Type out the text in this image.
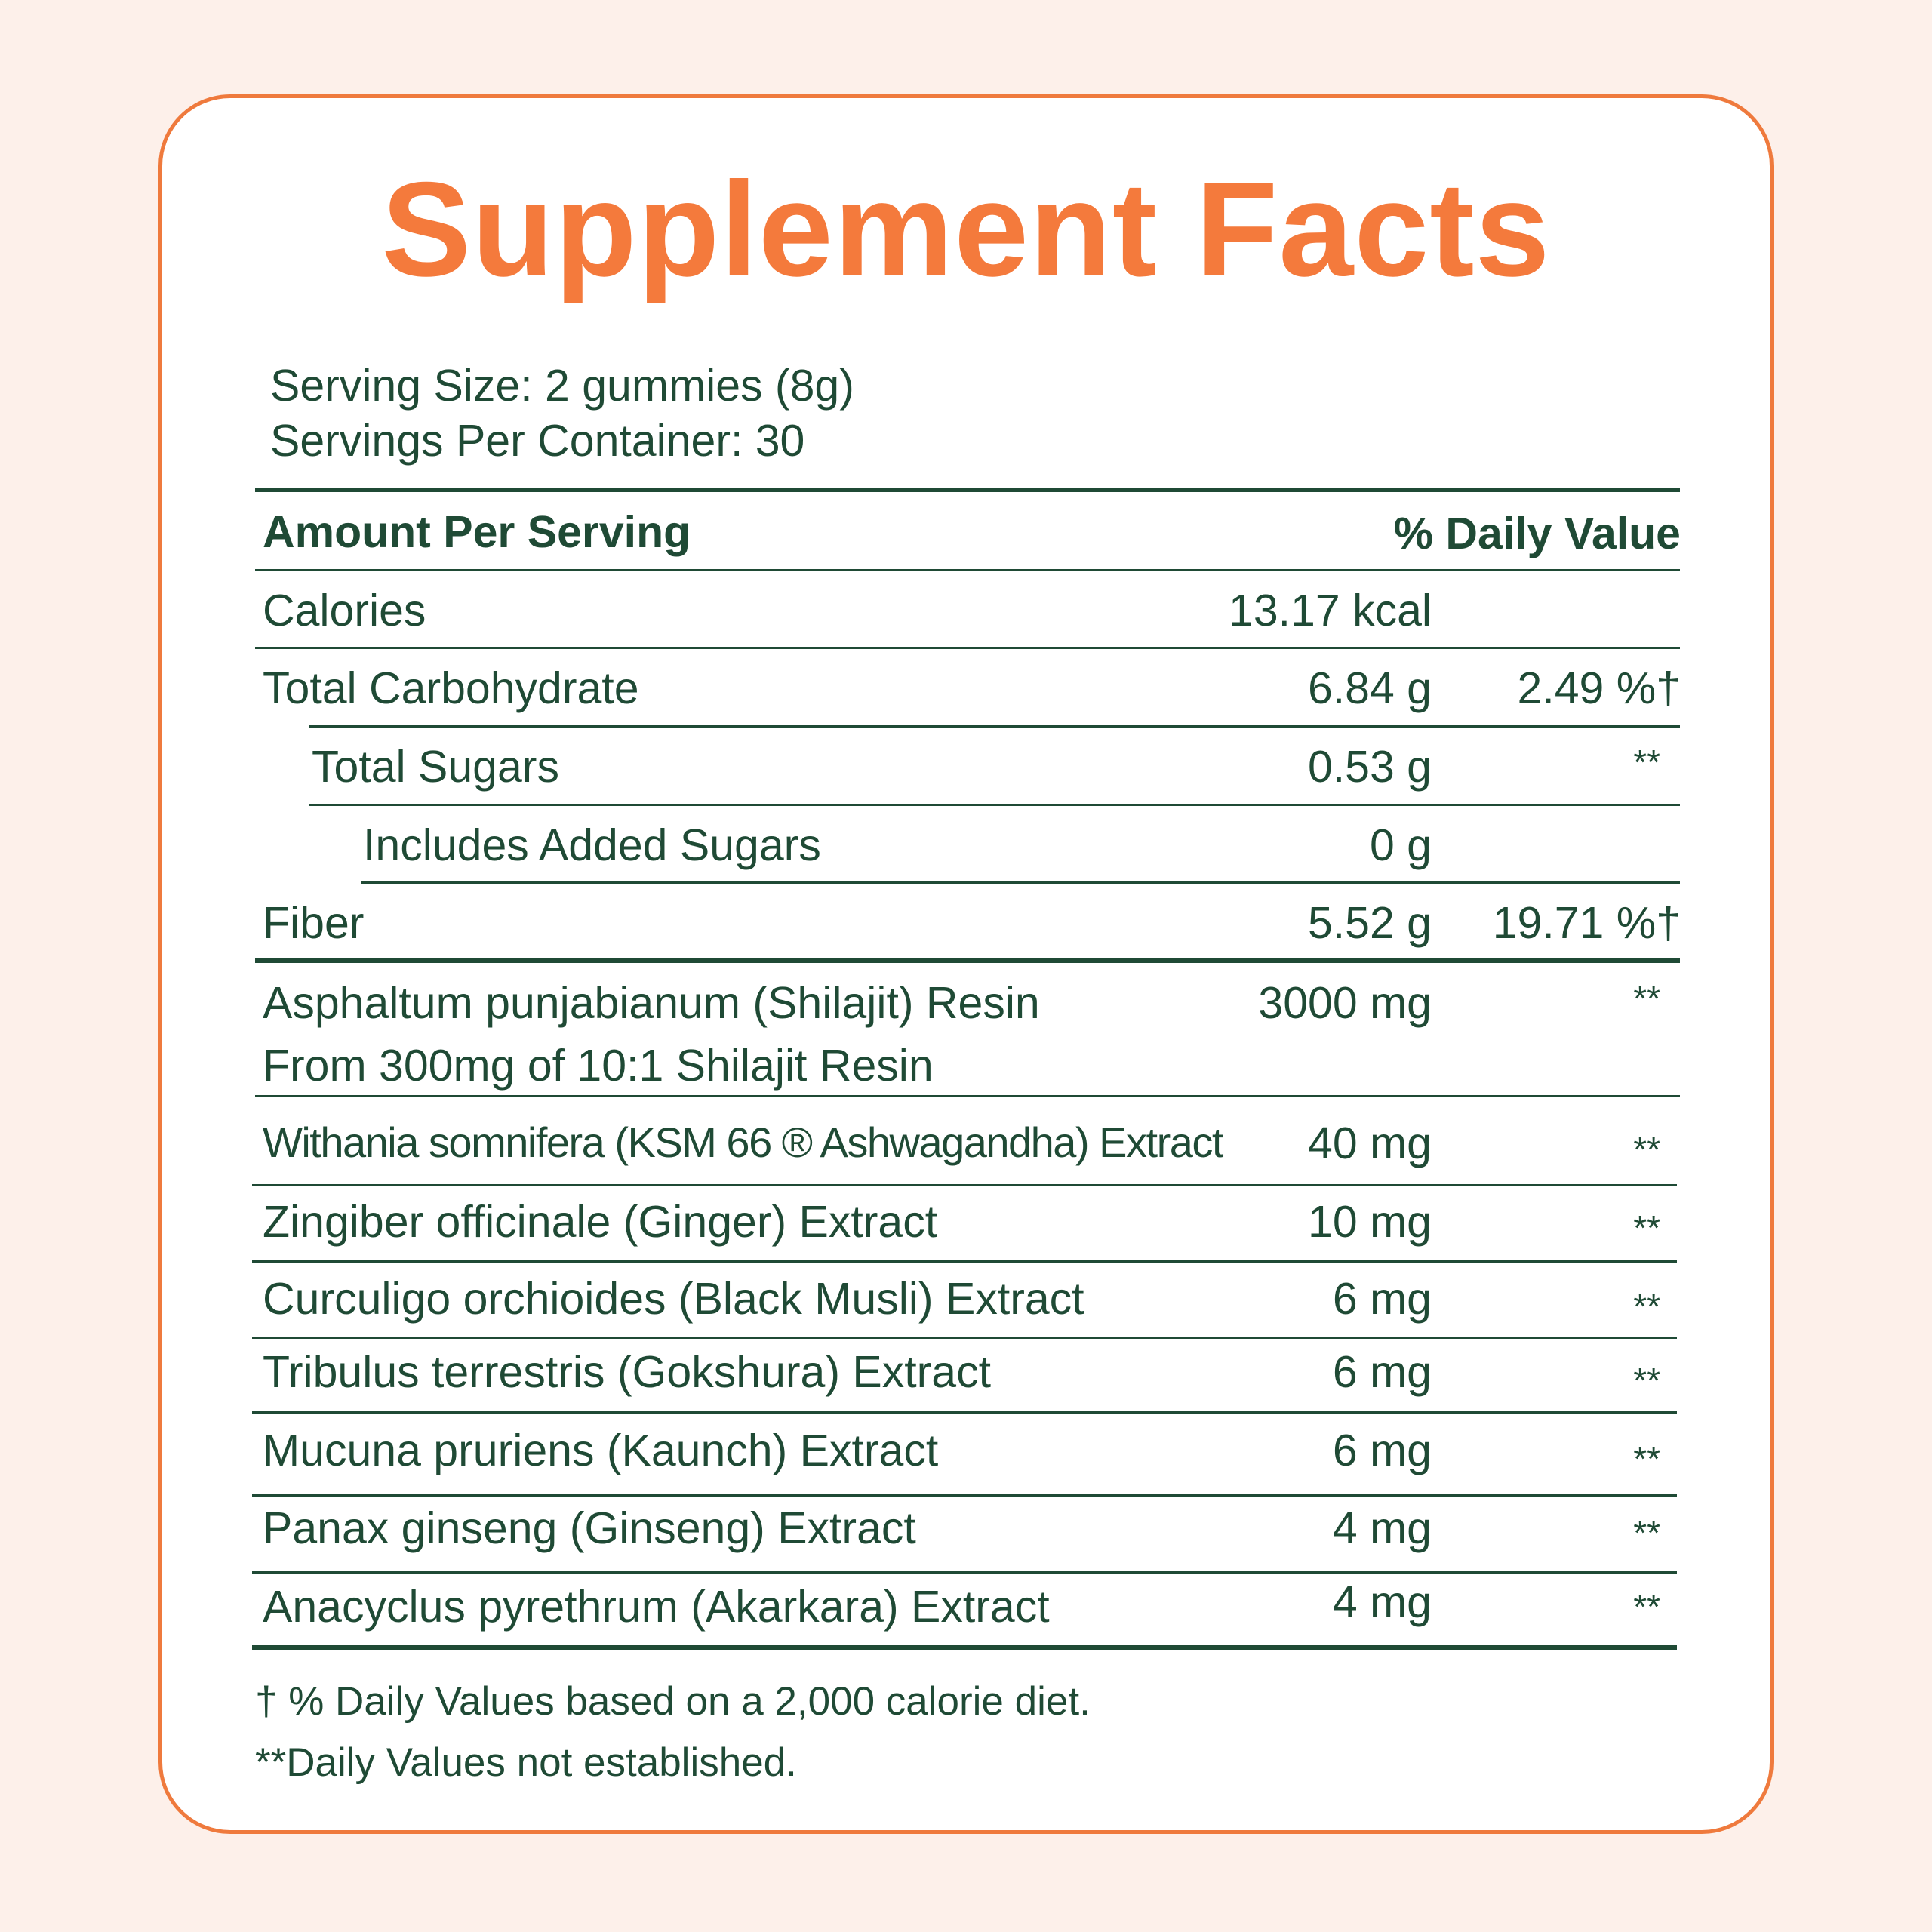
Supplement Facts
Serving Size: 2 gummies (8g)
Servings Per Container: 30
Amount Per Serving	% Daily Value
Calories	13.17 kcal
Total Carbohydrate	6.84 g 2.49 %†
Total Sugars	0.53 g	**
Includes Added Sugars	0 g
Fiber	5.52 g 19.71 %†
Asphaltum punjabianum (Shilajit) Resin
From 300mg of 10:1 Shilajit Resin
3000 mg	**
Withania somnifera (KSM 66 ® Ashwagandha) Extract 40 mg	**
Zingiber officinale (Ginger) Extract	10 mg	**
Curculigo orchioides (Black Musli) Extract	6 mg	**
Tribulus terrestris (Gokshura) Extract	6 mg	**
Mucuna pruriens (Kaunch) Extract	6 mg	**
Panax ginseng (Ginseng) Extract	4 mg	**
Anacyclus pyrethrum (Akarkara) Extract	4 mg	**
† % Daily Values based on a 2,000 calorie diet.
**Daily Values not established.
